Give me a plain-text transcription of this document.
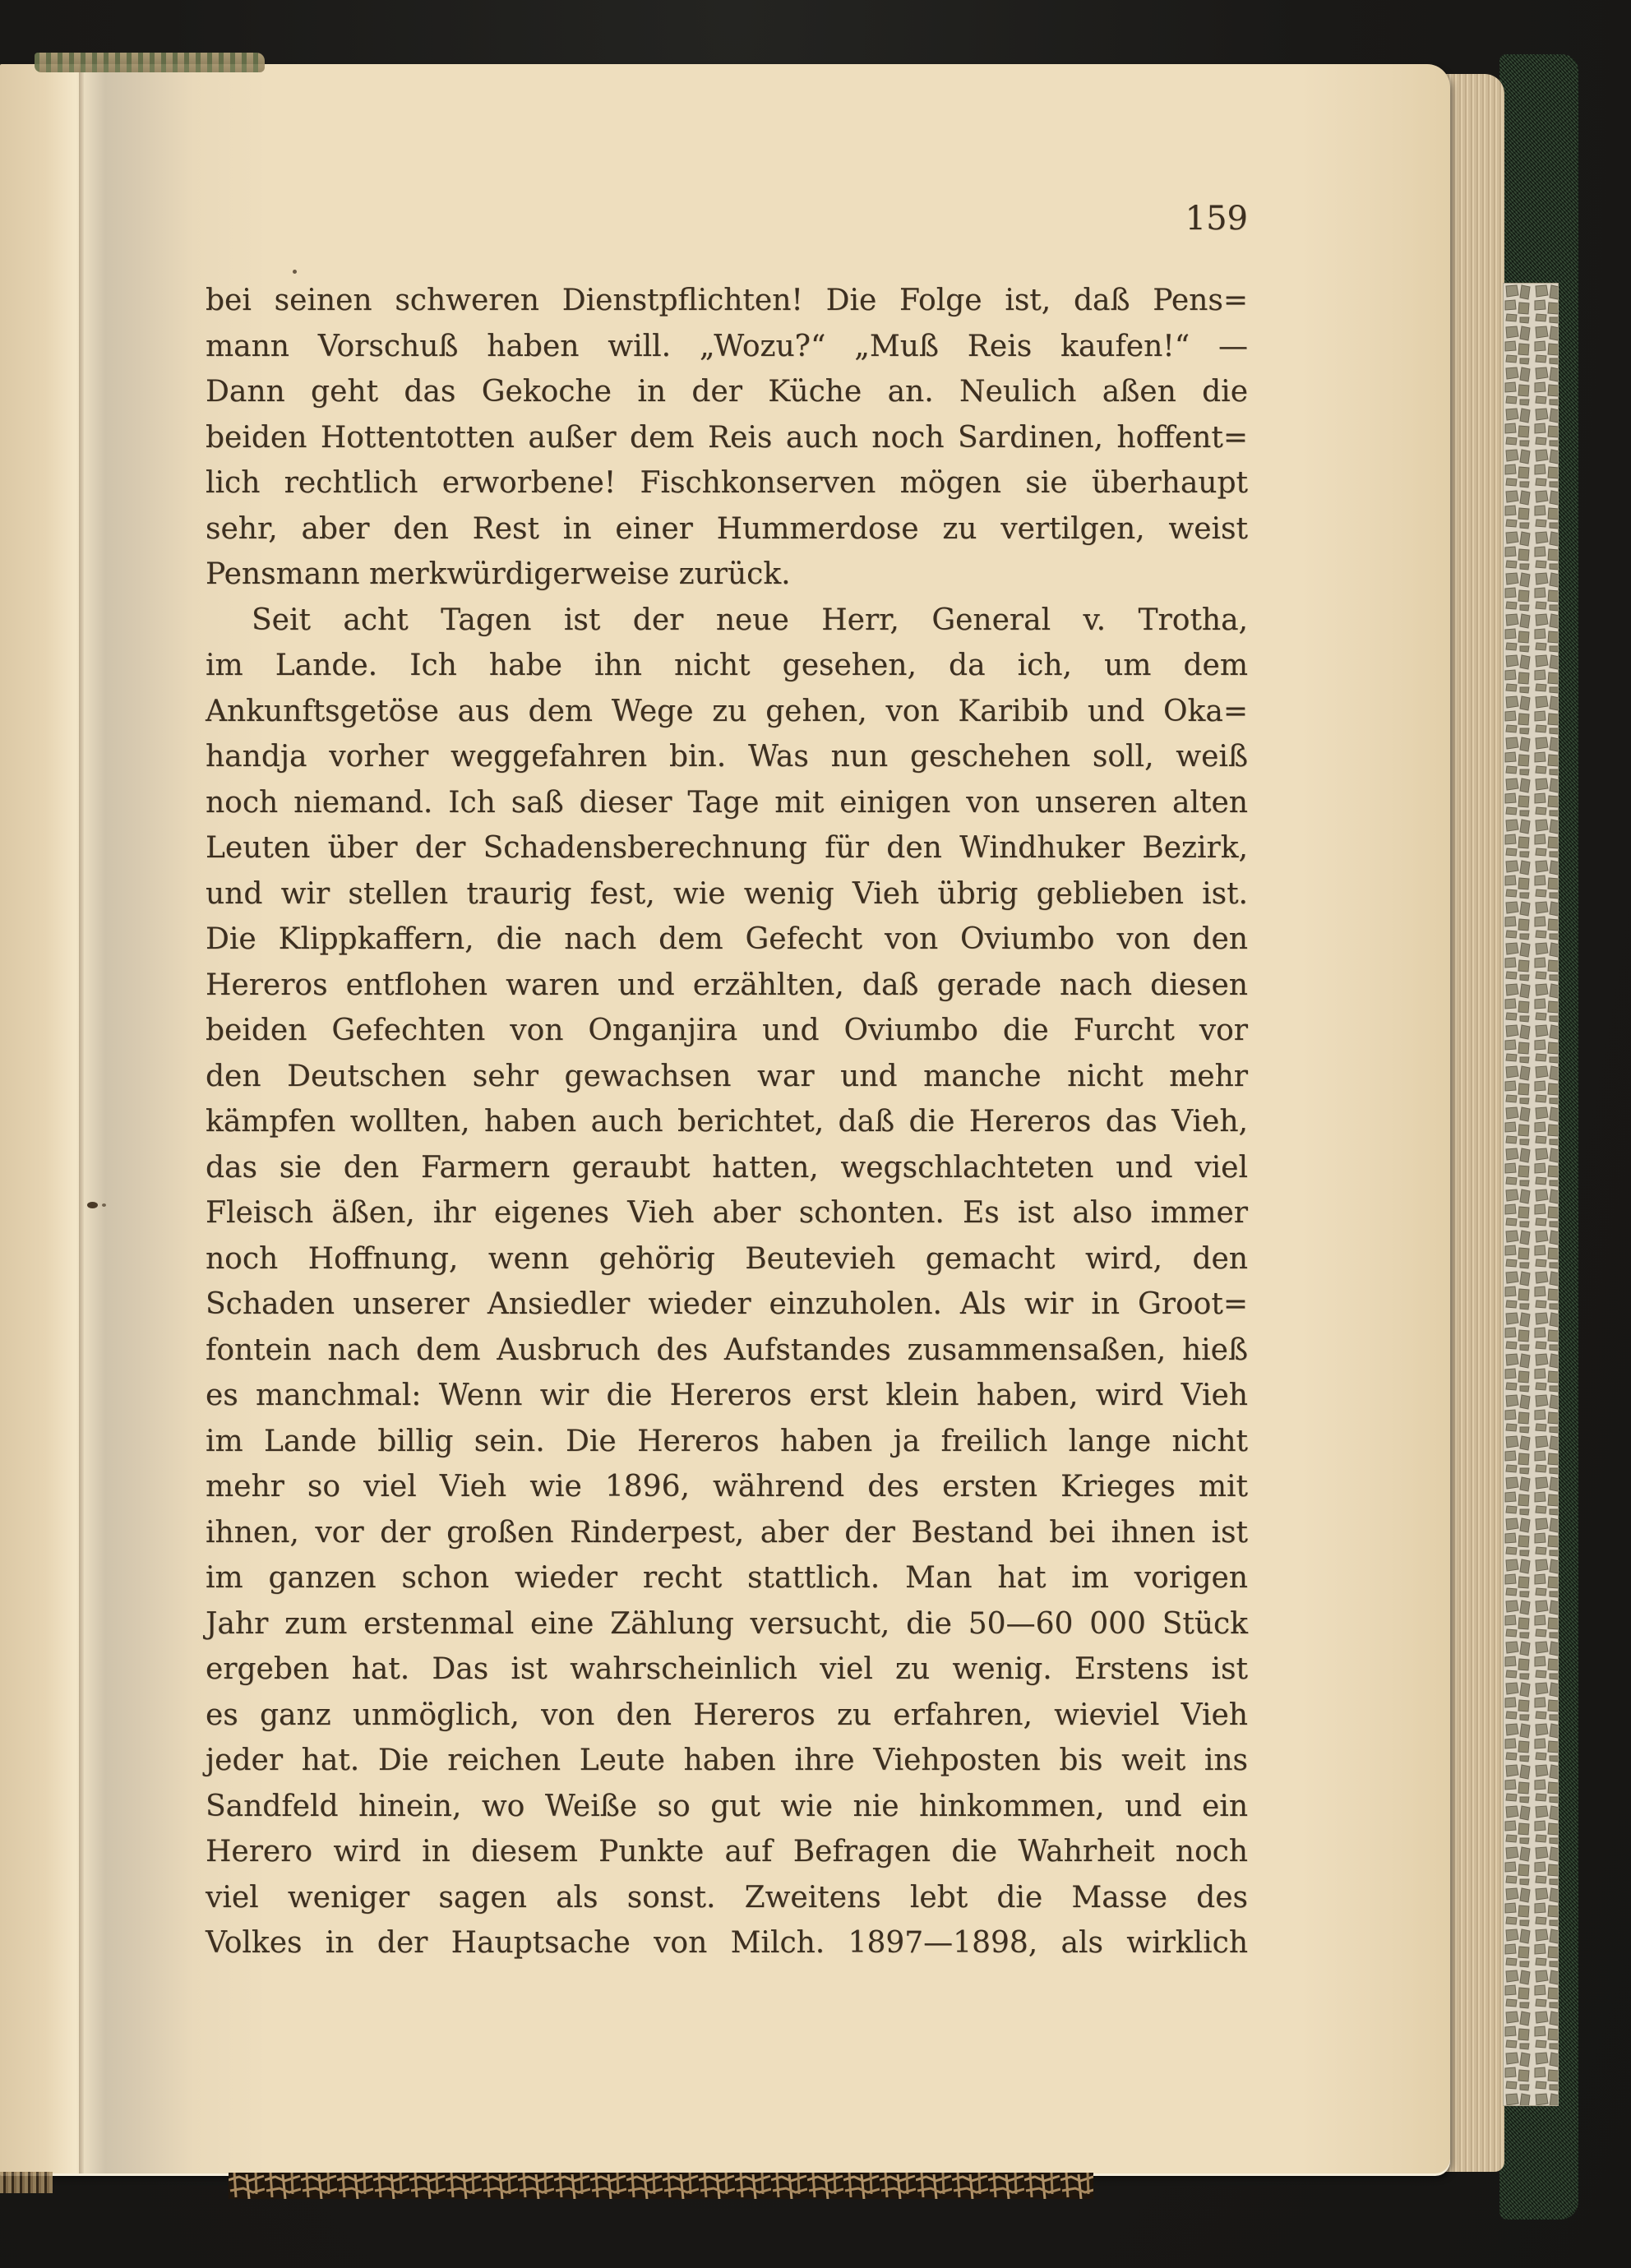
159
bei seinen schweren Dienstpflichten! Die Folge ist, daß Pens=
mann Vorschuß haben will. „Wozu?“ „Muß Reis kaufen!“ —
Dann geht das Gekoche in der Küche an. Neulich aßen die
beiden Hottentotten außer dem Reis auch noch Sardinen, hoffent=
lich rechtlich erworbene! Fischkonserven mögen sie überhaupt
sehr, aber den Rest in einer Hummerdose zu vertilgen, weist
Pensmann merkwürdigerweise zurück.
Seit acht Tagen ist der neue Herr, General v. Trotha,
im Lande. Ich habe ihn nicht gesehen, da ich, um dem
Ankunftsgetöse aus dem Wege zu gehen, von Karibib und Oka=
handja vorher weggefahren bin. Was nun geschehen soll, weiß
noch niemand. Ich saß dieser Tage mit einigen von unseren alten
Leuten über der Schadensberechnung für den Windhuker Bezirk,
und wir stellen traurig fest, wie wenig Vieh übrig geblieben ist.
Die Klippkaffern, die nach dem Gefecht von Oviumbo von den
Hereros entflohen waren und erzählten, daß gerade nach diesen
beiden Gefechten von Onganjira und Oviumbo die Furcht vor
den Deutschen sehr gewachsen war und manche nicht mehr
kämpfen wollten, haben auch berichtet, daß die Hereros das Vieh,
das sie den Farmern geraubt hatten, wegschlachteten und viel
Fleisch äßen, ihr eigenes Vieh aber schonten. Es ist also immer
noch Hoffnung, wenn gehörig Beutevieh gemacht wird, den
Schaden unserer Ansiedler wieder einzuholen. Als wir in Groot=
fontein nach dem Ausbruch des Aufstandes zusammensaßen, hieß
es manchmal: Wenn wir die Hereros erst klein haben, wird Vieh
im Lande billig sein. Die Hereros haben ja freilich lange nicht
mehr so viel Vieh wie 1896, während des ersten Krieges mit
ihnen, vor der großen Rinderpest, aber der Bestand bei ihnen ist
im ganzen schon wieder recht stattlich. Man hat im vorigen
Jahr zum erstenmal eine Zählung versucht, die 50—60 000 Stück
ergeben hat. Das ist wahrscheinlich viel zu wenig. Erstens ist
es ganz unmöglich, von den Hereros zu erfahren, wieviel Vieh
jeder hat. Die reichen Leute haben ihre Viehposten bis weit ins
Sandfeld hinein, wo Weiße so gut wie nie hinkommen, und ein
Herero wird in diesem Punkte auf Befragen die Wahrheit noch
viel weniger sagen als sonst. Zweitens lebt die Masse des
Volkes in der Hauptsache von Milch. 1897—1898, als wirklich
